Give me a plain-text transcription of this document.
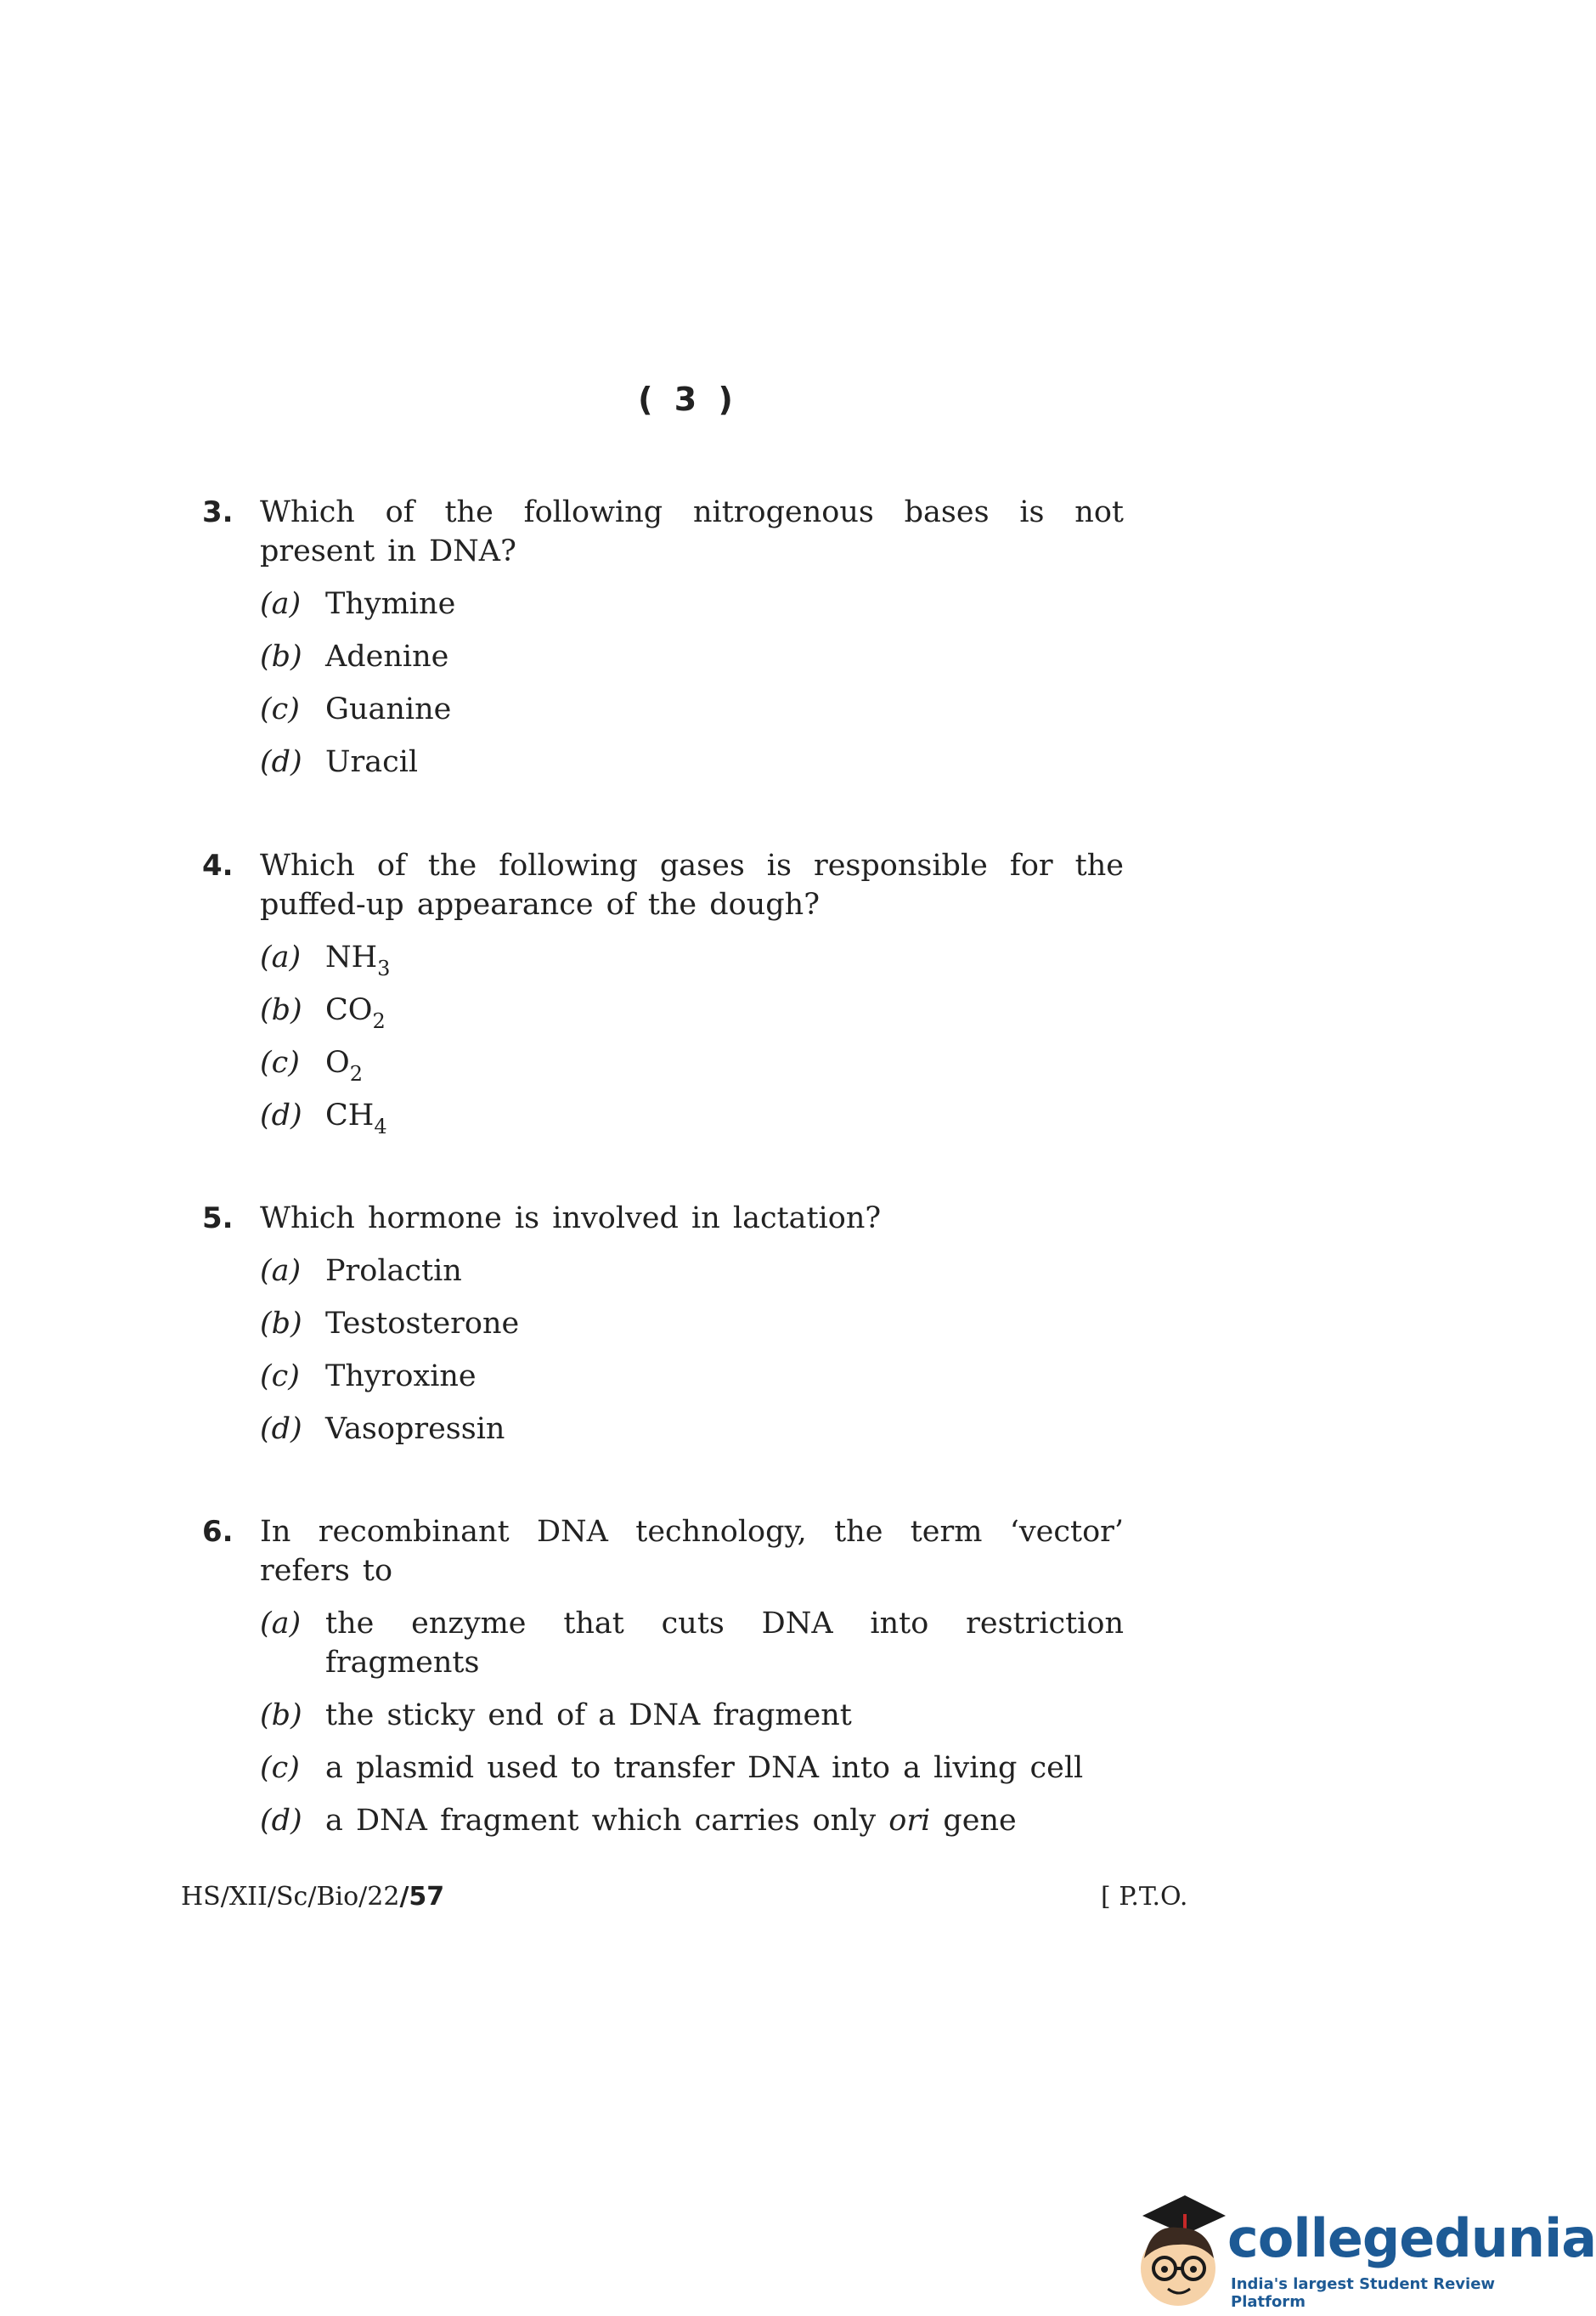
( 3 )
3. Which of the following nitrogenous bases is not present in DNA?
(a) Thymine
(b) Adenine
(c) Guanine
(d) Uracil
4. Which of the following gases is responsible for the puffed-up appearance of the dough?
(a) $NH_3$
(b) $CO_2$
(c) $O_2$
(d) $CH_4$
5. Which hormone is involved in lactation?
(a) Prolactin
(b) Testosterone
(c) Thyroxine
(d) Vasopressin
6. In recombinant DNA technology, the term ‘vector’ refers to
(a) the enzyme that cuts DNA into restriction fragments
(b) the sticky end of a DNA fragment
(c) a plasmid used to transfer DNA into a living cell
(d) a DNA fragment which carries only ori gene
HS/XII/Sc/Bio/22/57	[ P.T.O.
collegedunia
India's largest Student Review Platform
